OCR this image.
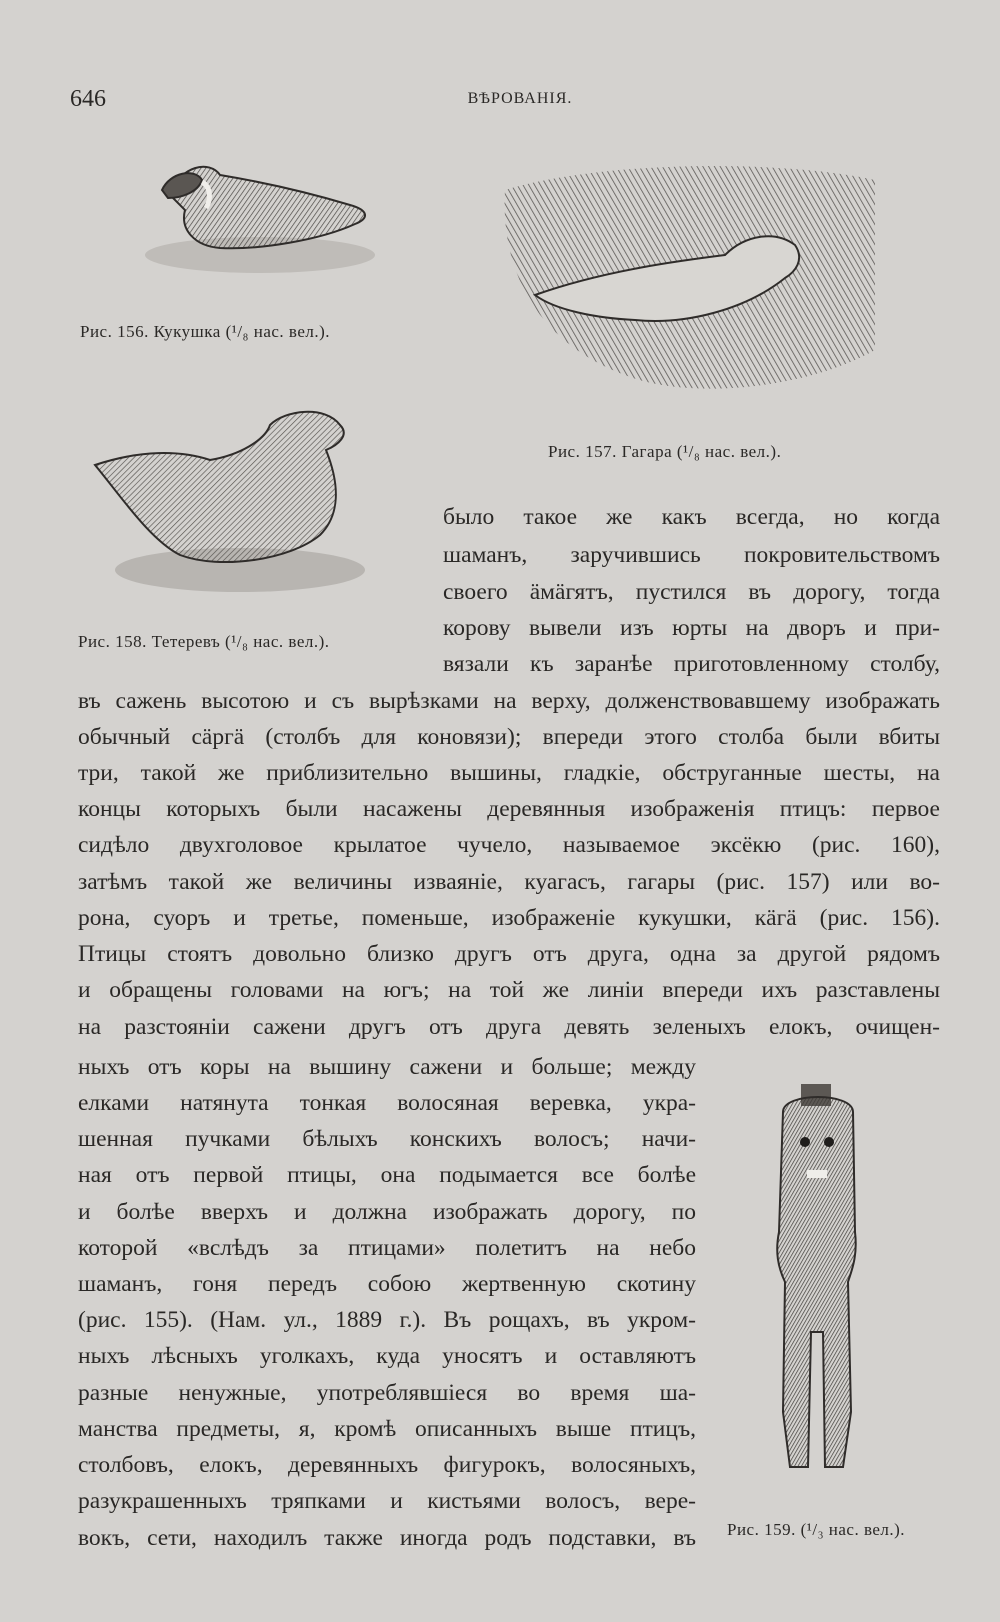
646	ВѢРОВАНІЯ.
Рис. 156. Кукушка (¹/₈ нас. вел.).
Рис. 157. Гагара (¹/₈ нас. вел.).
Рис. 158. Тетеревъ (¹/₈ нас. вел.).
Рис. 159. (¹/₃ нас. вел.).
было такое же какъ всегда, но когда
шаманъ, заручившись покровительствомъ
своего ӓмӓгятъ, пустился въ дорогу, тогда
корову вывели изъ юрты на дворъ и при-
вязали къ заранѣе приготовленному столбу,
въ сажень высотою и съ вырѣзками на верху, долженствовавшему изображать
обычный сӓргӓ (столбъ для коновязи); впереди этого столба были вбиты
три, такой же приблизительно вышины, гладкіе, обструганные шесты, на
концы которыхъ были насажены деревянныя изображенія птицъ: первое
сидѣло двухголовое крылатое чучело, называемое эксёкю (рис. 160),
затѣмъ такой же величины изваяніе, куагасъ, гагары (рис. 157) или во-
рона, суоръ и третье, поменьше, изображеніе кукушки, кӓгӓ (рис. 156).
Птицы стоятъ довольно близко другъ отъ друга, одна за другой рядомъ
и обращены головами на югъ; на той же линіи впереди ихъ разставлены
на разстояніи сажени другъ отъ друга девять зеленыхъ елокъ, очищен-
ныхъ отъ коры на вышину сажени и больше; между
елками натянута тонкая волосяная веревка, укра-
шенная пучками бѣлыхъ конскихъ волосъ; начи-
ная отъ первой птицы, она подымается все болѣе
и болѣе вверхъ и должна изображать дорогу, по
которой «вслѣдъ за птицами» полетитъ на небо
шаманъ, гоня передъ собою жертвенную скотину
(рис. 155). (Нам. ул., 1889 г.). Въ рощахъ, въ укром-
ныхъ лѣсныхъ уголкахъ, куда уносятъ и оставляютъ
разные ненужные, употреблявшіеся во время ша-
манства предметы, я, кромѣ описанныхъ выше птицъ,
столбовъ, елокъ, деревянныхъ фигурокъ, волосяныхъ,
разукрашенныхъ тряпками и кистьями волосъ, вере-
вокъ, сети, находилъ также иногда родъ подставки, въ
